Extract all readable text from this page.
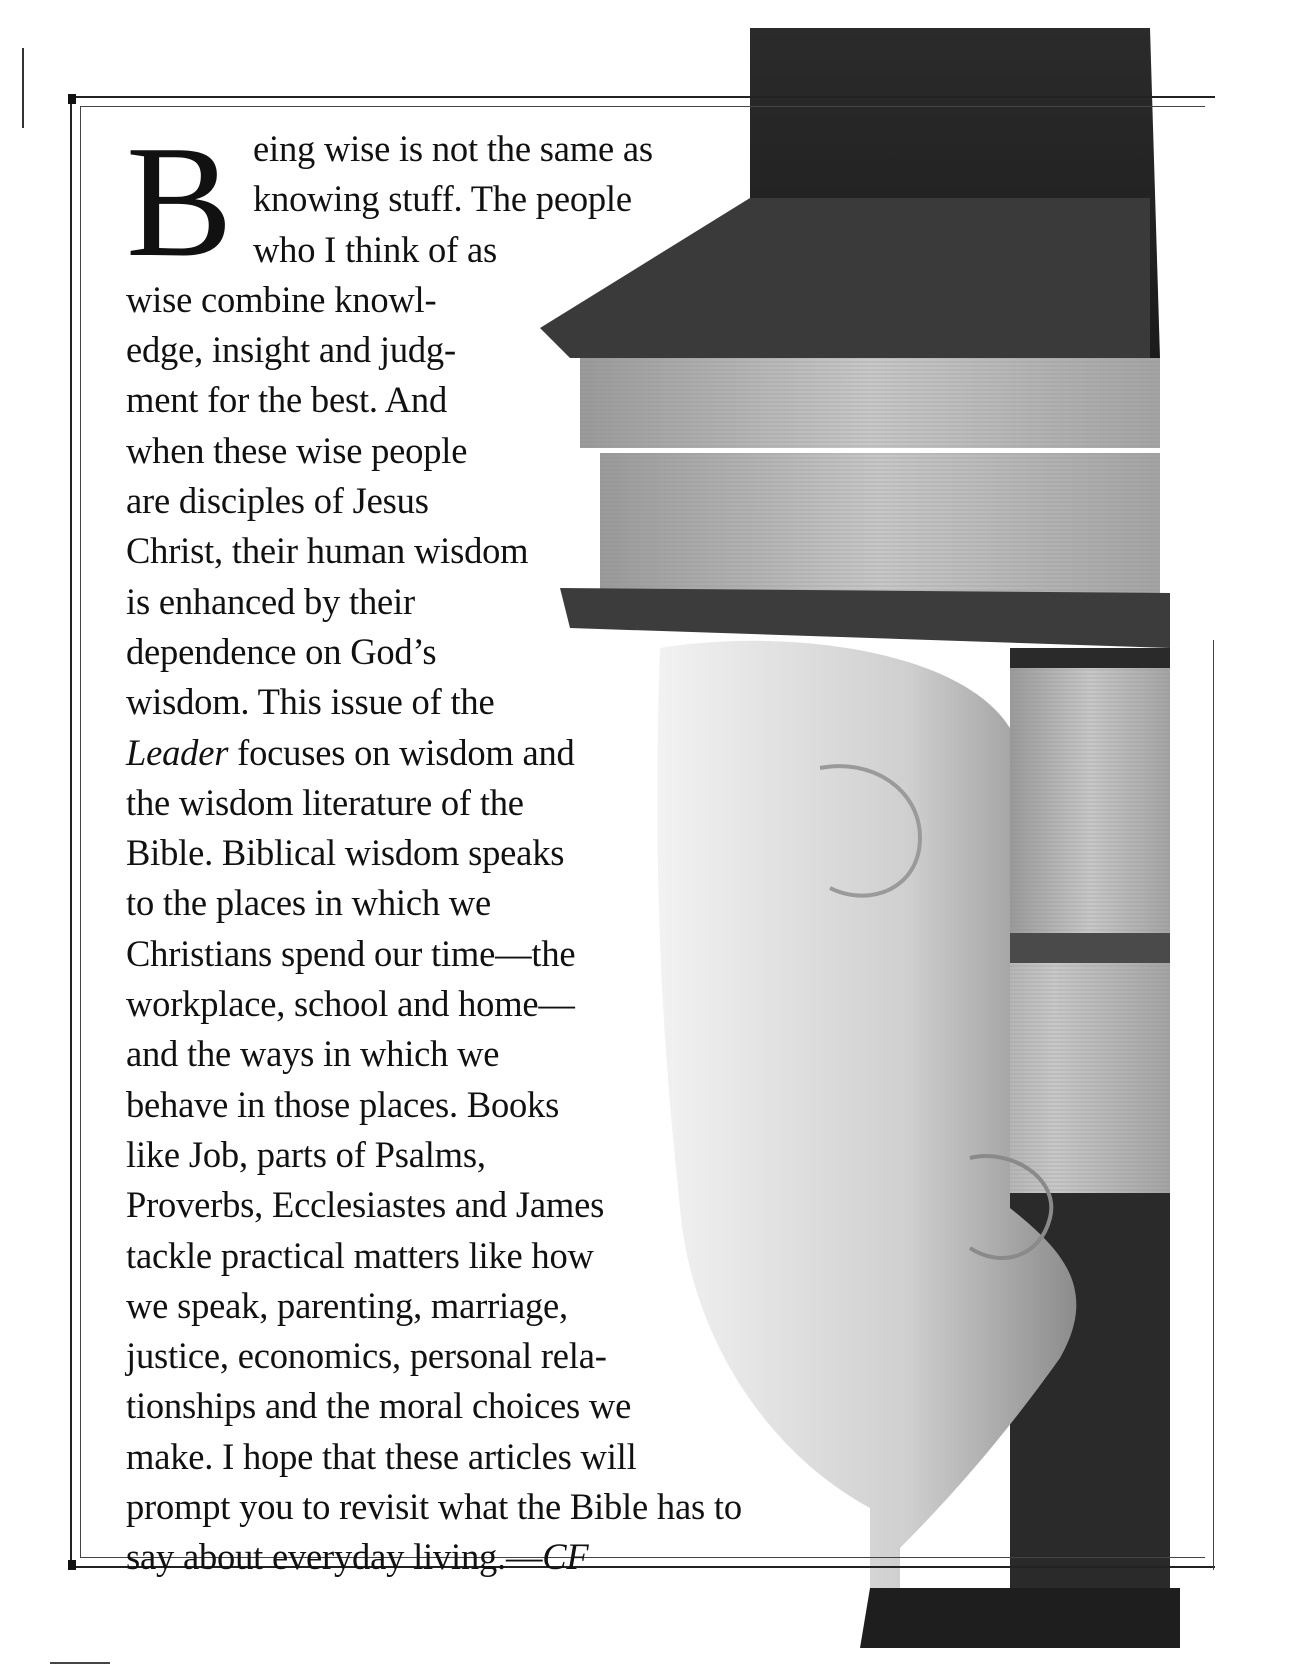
B eing wise is not the same as
knowing stuff. The people
who I think of as
wise combine knowl-
edge, insight and judg-
ment for the best. And
when these wise people
are disciples of Jesus
Christ, their human wisdom
is enhanced by their
dependence on God’s
wisdom. This issue of the
Leader focuses on wisdom and
the wisdom literature of the
Bible. Biblical wisdom speaks
to the places in which we
Christians spend our time—the
workplace, school and home—
and the ways in which we
behave in those places. Books
like Job, parts of Psalms,
Proverbs, Ecclesiastes and James
tackle practical matters like how
we speak, parenting, marriage,
justice, economics, personal rela-
tionships and the moral choices we
make. I hope that these articles will
prompt you to revisit what the Bible has to
say about everyday living.—CF
